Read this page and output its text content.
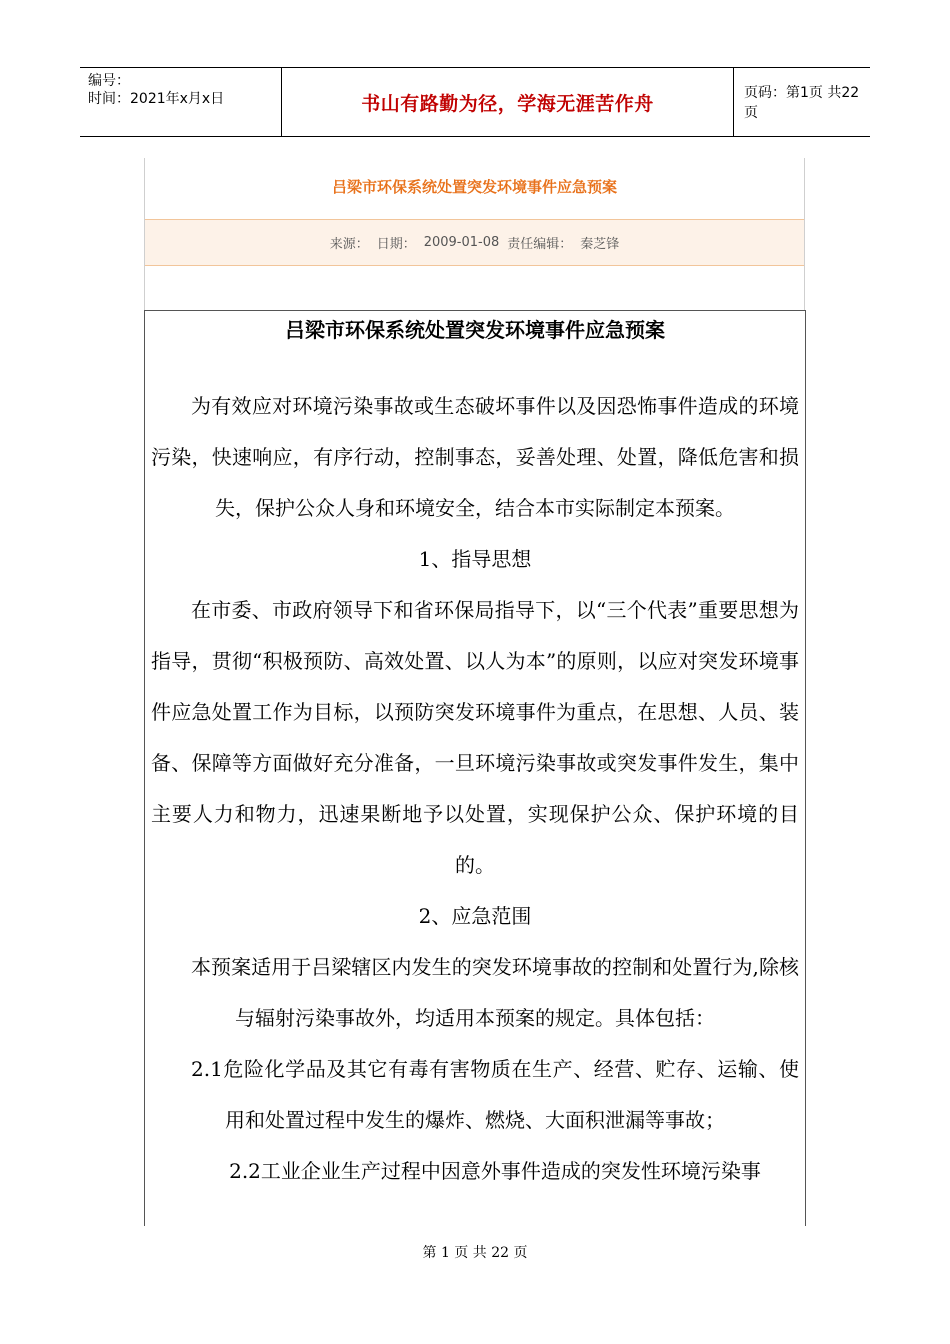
编号：
时间：2021年x月x日	书山有路勤为径，学海无涯苦作舟	页码：第1页 共22页
吕梁市环保系统处置突发环境事件应急预案
来源： 日期： 2009-01-08 责任编辑： 秦芝锋
吕梁市环保系统处置突发环境事件应急预案

为有效应对环境污染事故或生态破坏事件以及因恐怖事件造成的环境污染，快速响应，有序行动，控制事态，妥善处理、处置，降低危害和损失，保护公众人身和环境安全，结合本市实际制定本预案。

1、指导思想

在市委、市政府领导下和省环保局指导下，以“三个代表”重要思想为指导，贯彻“积极预防、高效处置、以人为本”的原则，以应对突发环境事件应急处置工作为目标，以预防突发环境事件为重点，在思想、人员、装备、保障等方面做好充分准备，一旦环境污染事故或突发事件发生，集中主要人力和物力，迅速果断地予以处置，实现保护公众、保护环境的目的。

2、应急范围

本预案适用于吕梁辖区内发生的突发环境事故的控制和处置行为,除核与辐射污染事故外，均适用本预案的规定。具体包括：

2.1危险化学品及其它有毒有害物质在生产、经营、贮存、运输、使用和处置过程中发生的爆炸、燃烧、大面积泄漏等事故；

2.2工业企业生产过程中因意外事件造成的突发性环境污染事

第 1 页 共 22 页
